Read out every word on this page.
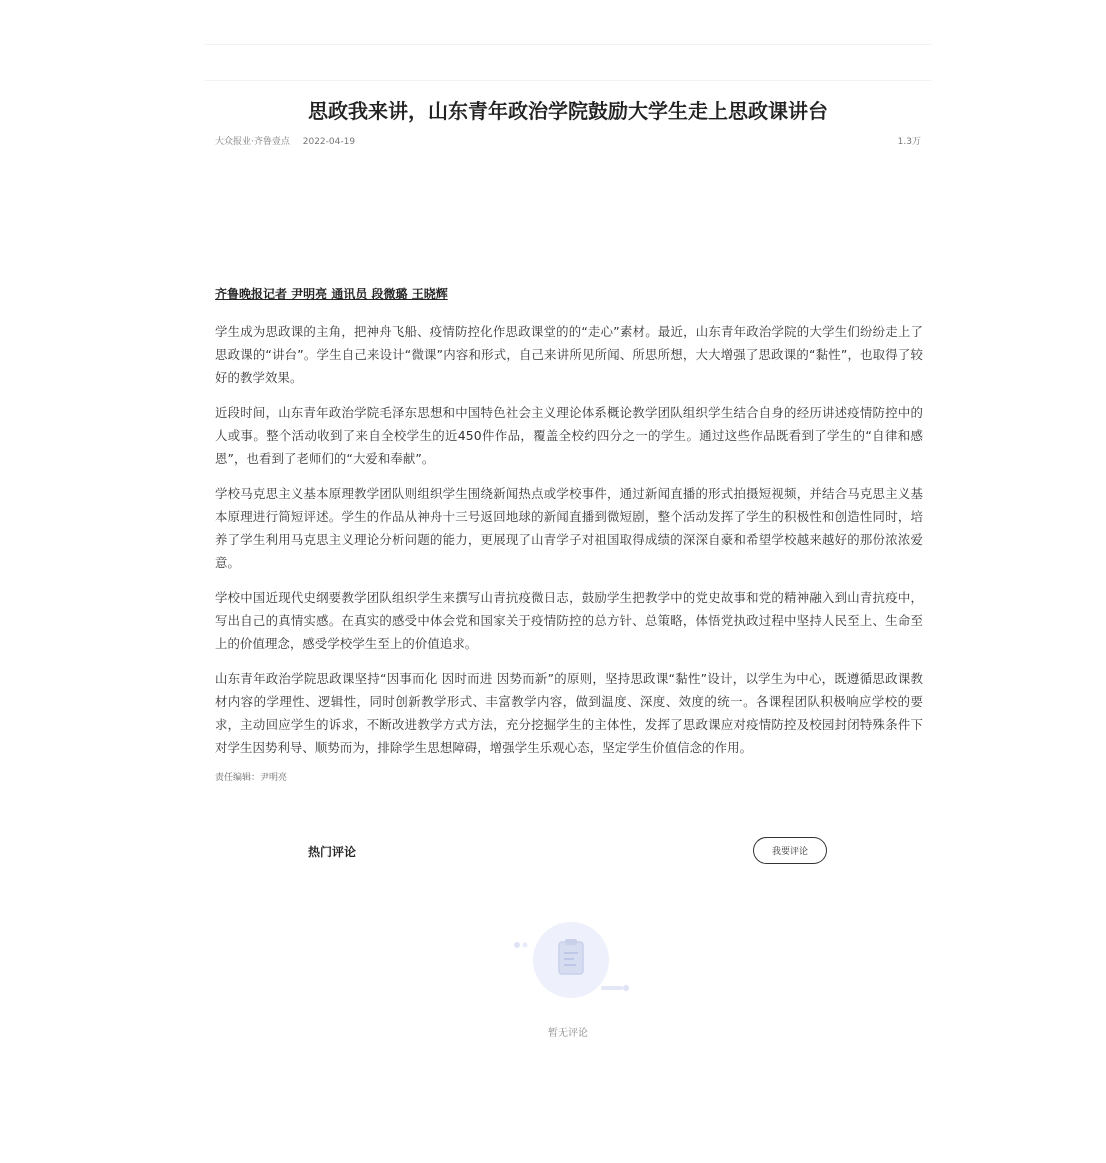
思政我来讲，山东青年政治学院鼓励大学生走上思政课讲台
大众报业·齐鲁壹点 2022-04-19	1.3万
齐鲁晚报记者 尹明亮 通讯员 段微璐 王晓辉

学生成为思政课的主角，把神舟飞船、疫情防控化作思政课堂的的“走心”素材。最近，山东青年政治学院的大学生们纷纷走上了思政课的“讲台”。学生自己来设计“微课”内容和形式，自己来讲所见所闻、所思所想，大大增强了思政课的“黏性”，也取得了较好的教学效果。

近段时间，山东青年政治学院毛泽东思想和中国特色社会主义理论体系概论教学团队组织学生结合自身的经历讲述疫情防控中的人或事。整个活动收到了来自全校学生的近450件作品，覆盖全校约四分之一的学生。通过这些作品既看到了学生的“自律和感恩”，也看到了老师们的“大爱和奉献”。

学校马克思主义基本原理教学团队则组织学生围绕新闻热点或学校事件，通过新闻直播的形式拍摄短视频，并结合马克思主义基本原理进行简短评述。学生的作品从神舟十三号返回地球的新闻直播到微短剧，整个活动发挥了学生的积极性和创造性同时，培养了学生利用马克思主义理论分析问题的能力，更展现了山青学子对祖国取得成绩的深深自豪和希望学校越来越好的那份浓浓爱意。

学校中国近现代史纲要教学团队组织学生来撰写山青抗疫微日志，鼓励学生把教学中的党史故事和党的精神融入到山青抗疫中，写出自己的真情实感。在真实的感受中体会党和国家关于疫情防控的总方针、总策略，体悟党执政过程中坚持人民至上、生命至上的价值理念，感受学校学生至上的价值追求。

山东青年政治学院思政课坚持“因事而化 因时而进 因势而新”的原则，坚持思政课“黏性”设计，以学生为中心，既遵循思政课教材内容的学理性、逻辑性，同时创新教学形式、丰富教学内容，做到温度、深度、效度的统一。各课程团队积极响应学校的要求，主动回应学生的诉求，不断改进教学方式方法，充分挖掘学生的主体性，发挥了思政课应对疫情防控及校园封闭特殊条件下对学生因势利导、顺势而为，排除学生思想障碍，增强学生乐观心态，坚定学生价值信念的作用。

责任编辑：尹明亮
热门评论	我要评论
暂无评论
